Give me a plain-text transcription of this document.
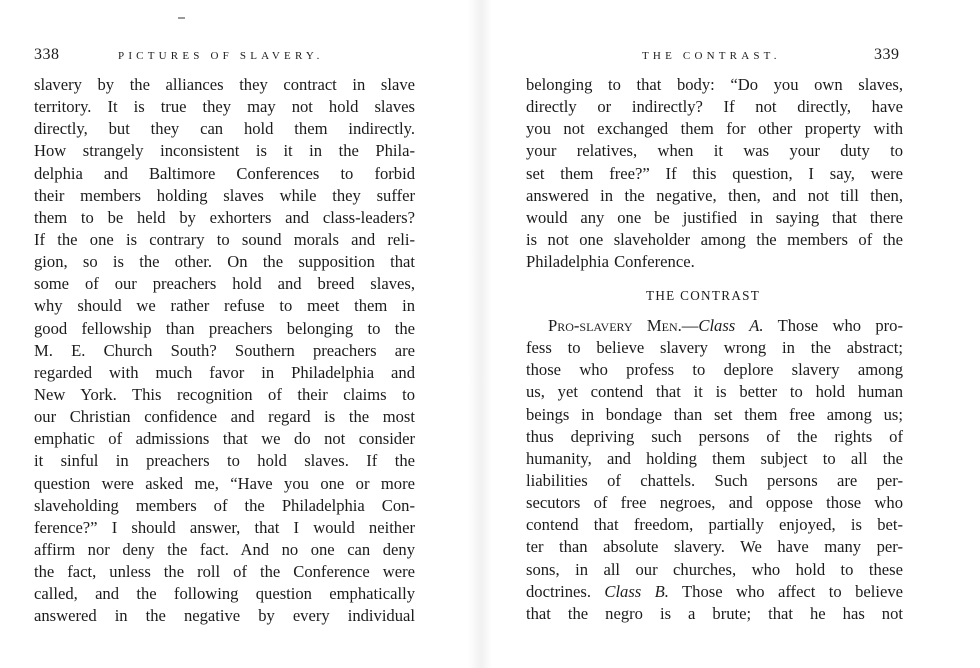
338	PICTURES OF SLAVERY.
slavery by the alliances they contract in slave
territory. It is true they may not hold slaves
directly, but they can hold them indirectly.
How strangely inconsistent is it in the Phila-
delphia and Baltimore Conferences to forbid
their members holding slaves while they suffer
them to be held by exhorters and class-leaders?
If the one is contrary to sound morals and reli-
gion, so is the other. On the supposition that
some of our preachers hold and breed slaves,
why should we rather refuse to meet them in
good fellowship than preachers belonging to the
M. E. Church South? Southern preachers are
regarded with much favor in Philadelphia and
New York. This recognition of their claims to
our Christian confidence and regard is the most
emphatic of admissions that we do not consider
it sinful in preachers to hold slaves. If the
question were asked me, “Have you one or more
slaveholding members of the Philadelphia Con-
ference?” I should answer, that I would neither
affirm nor deny the fact. And no one can deny
the fact, unless the roll of the Conference were
called, and the following question emphatically
answered in the negative by every individual
THE CONTRAST.	339
belonging to that body: “Do you own slaves,
directly or indirectly? If not directly, have
you not exchanged them for other property with
your relatives, when it was your duty to
set them free?” If this question, I say, were
answered in the negative, then, and not till then,
would any one be justified in saying that there
is not one slaveholder among the members of the
Philadelphia Conference.
THE CONTRAST
Pro-slavery Men.—Class A. Those who pro-
fess to believe slavery wrong in the abstract;
those who profess to deplore slavery among
us, yet contend that it is better to hold human
beings in bondage than set them free among us;
thus depriving such persons of the rights of
humanity, and holding them subject to all the
liabilities of chattels. Such persons are per-
secutors of free negroes, and oppose those who
contend that freedom, partially enjoyed, is bet-
ter than absolute slavery. We have many per-
sons, in all our churches, who hold to these
doctrines. Class B. Those who affect to believe
that the negro is a brute; that he has not
